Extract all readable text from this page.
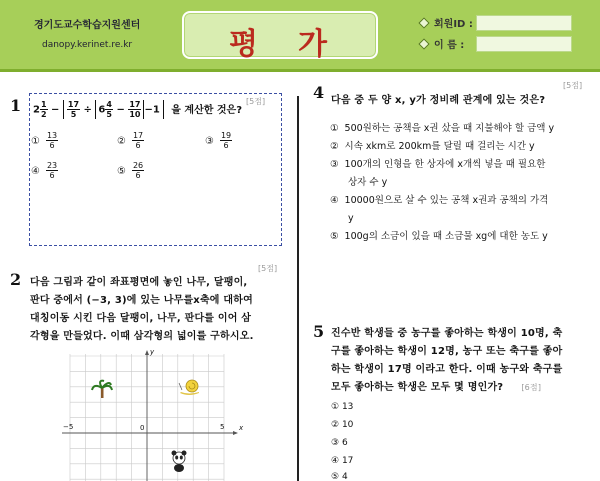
경기도교수학습지원센터
danopy.kerinet.re.kr	평가
회원ID :
이 름 :
1	[5점]
$2 \frac{1}{2} - \frac{17}{5} \div 6 \frac{4}{5} - \frac{17}{10} -1$ 을 계산한 것은?
① $\frac{13}{6}$	② $\frac{17}{6}$	③ $\frac{19}{6}$
④ $\frac{23}{6}$	⑤ $\frac{26}{6}$
2
[5점]
다음 그림과 같이 좌표평면에 놓인 나무, 달팽이,
판다 중에서 (−3, 3)에 있는 나무를x축에 대하여
대칭이동 시킨 다음 달팽이, 나무, 판다를 이어 삼
각형을 만들었다. 이때 삼각형의 넓이를 구하시오.
−5	5
0
y
x
4	[5점]
다음 중 두 양 x, y가 정비례 관계에 있는 것은?
① 500원하는 공책을 x권 샀을 때 지불해야 할 금액 y
② 시속 xkm로 200km를 달릴 때 걸리는 시간 y
③ 100개의 인형을 한 상자에 x개씩 넣을 때 필요한
상자 수 y
④ 10000원으로 살 수 있는 공책 x권과 공책의 가격
y
⑤ 100g의 소금이 있을 때 소금물 xg에 대한 농도 y
5 진수반 학생들 중 농구를 좋아하는 학생이 10명, 축
구를 좋아하는 학생이 12명, 농구 또는 축구를 좋아
하는 학생이 17명 이라고 한다. 이때 농구와 축구를
모두 좋아하는 학생은 모두 몇 명인가? [6점]
① 13
② 10
③ 6
④ 17
⑤ 4
